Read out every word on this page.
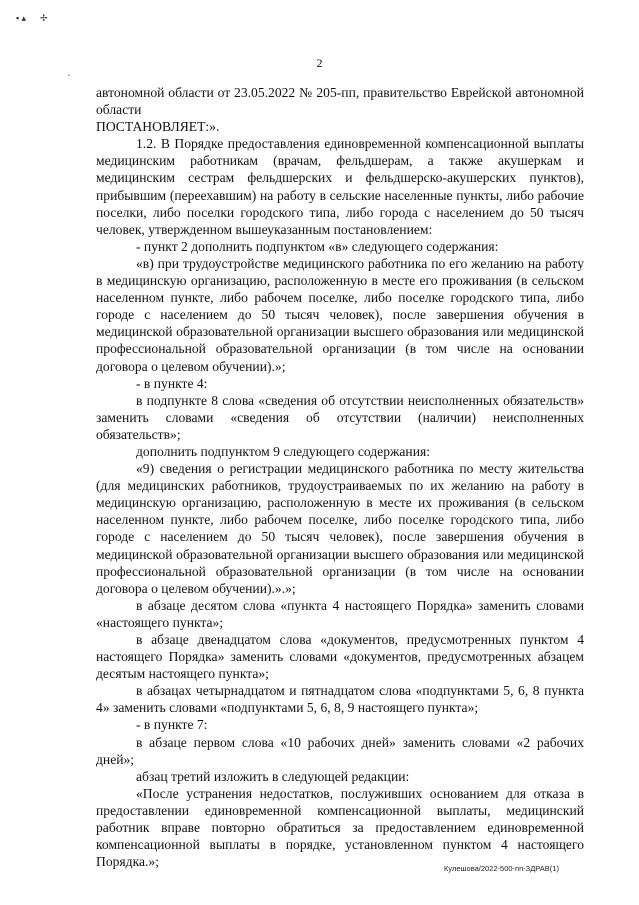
▪ ▴ ✢
•
2

автономной области от 23.05.2022 № 205-пп, правительство Еврейской автономной области

ПОСТАНОВЛЯЕТ:».

1.2. В Порядке предоставления единовременной компенсационной выплаты медицинским работникам (врачам, фельдшерам, а также акушеркам и медицинским сестрам фельдшерских и фельдшерско-акушерских пунктов), прибывшим (переехавшим) на работу в сельские населенные пункты, либо рабочие поселки, либо поселки городского типа, либо города с населением до 50 тысяч человек, утвержденном вышеуказанным постановлением:

- пункт 2 дополнить подпунктом «в» следующего содержания:

«в) при трудоустройстве медицинского работника по его желанию на работу в медицинскую организацию, расположенную в месте его проживания (в сельском населенном пункте, либо рабочем поселке, либо поселке городского типа, либо городе с населением до 50 тысяч человек), после завершения обучения в медицинской образовательной организации высшего образования или медицинской профессиональной образовательной организации (в том числе на основании договора о целевом обучении).»;

- в пункте 4:

в подпункте 8 слова «сведения об отсутствии неисполненных обязательств» заменить словами «сведения об отсутствии (наличии) неисполненных обязательств»;

дополнить подпунктом 9 следующего содержания:

«9) сведения о регистрации медицинского работника по месту жительства (для медицинских работников, трудоустраиваемых по их желанию на работу в медицинскую организацию, расположенную в месте их проживания (в сельском населенном пункте, либо рабочем поселке, либо поселке городского типа, либо городе с населением до 50 тысяч человек), после завершения обучения в медицинской образовательной организации высшего образования или медицинской профессиональной образовательной организации (в том числе на основании договора о целевом обучении).».»;

в абзаце десятом слова «пункта 4 настоящего Порядка» заменить словами «настоящего пункта»;

в абзаце двенадцатом слова «документов, предусмотренных пунктом 4 настоящего Порядка» заменить словами «документов, предусмотренных абзацем десятым настоящего пункта»;

в абзацах четырнадцатом и пятнадцатом слова «подпунктами 5, 6, 8 пункта 4» заменить словами «подпунктами 5, 6, 8, 9 настоящего пункта»;

- в пункте 7:

в абзаце первом слова «10 рабочих дней» заменить словами «2 рабочих дней»;

абзац третий изложить в следующей редакции:

«После устранения недостатков, послуживших основанием для отказа в предоставлении единовременной компенсационной выплаты, медицинский работник вправе повторно обратиться за предоставлением единовременной компенсационной выплаты в порядке, установленном пунктом 4 настоящего Порядка.»;	Кулешова/2022-500-пп-ЗДРАВ(1)
